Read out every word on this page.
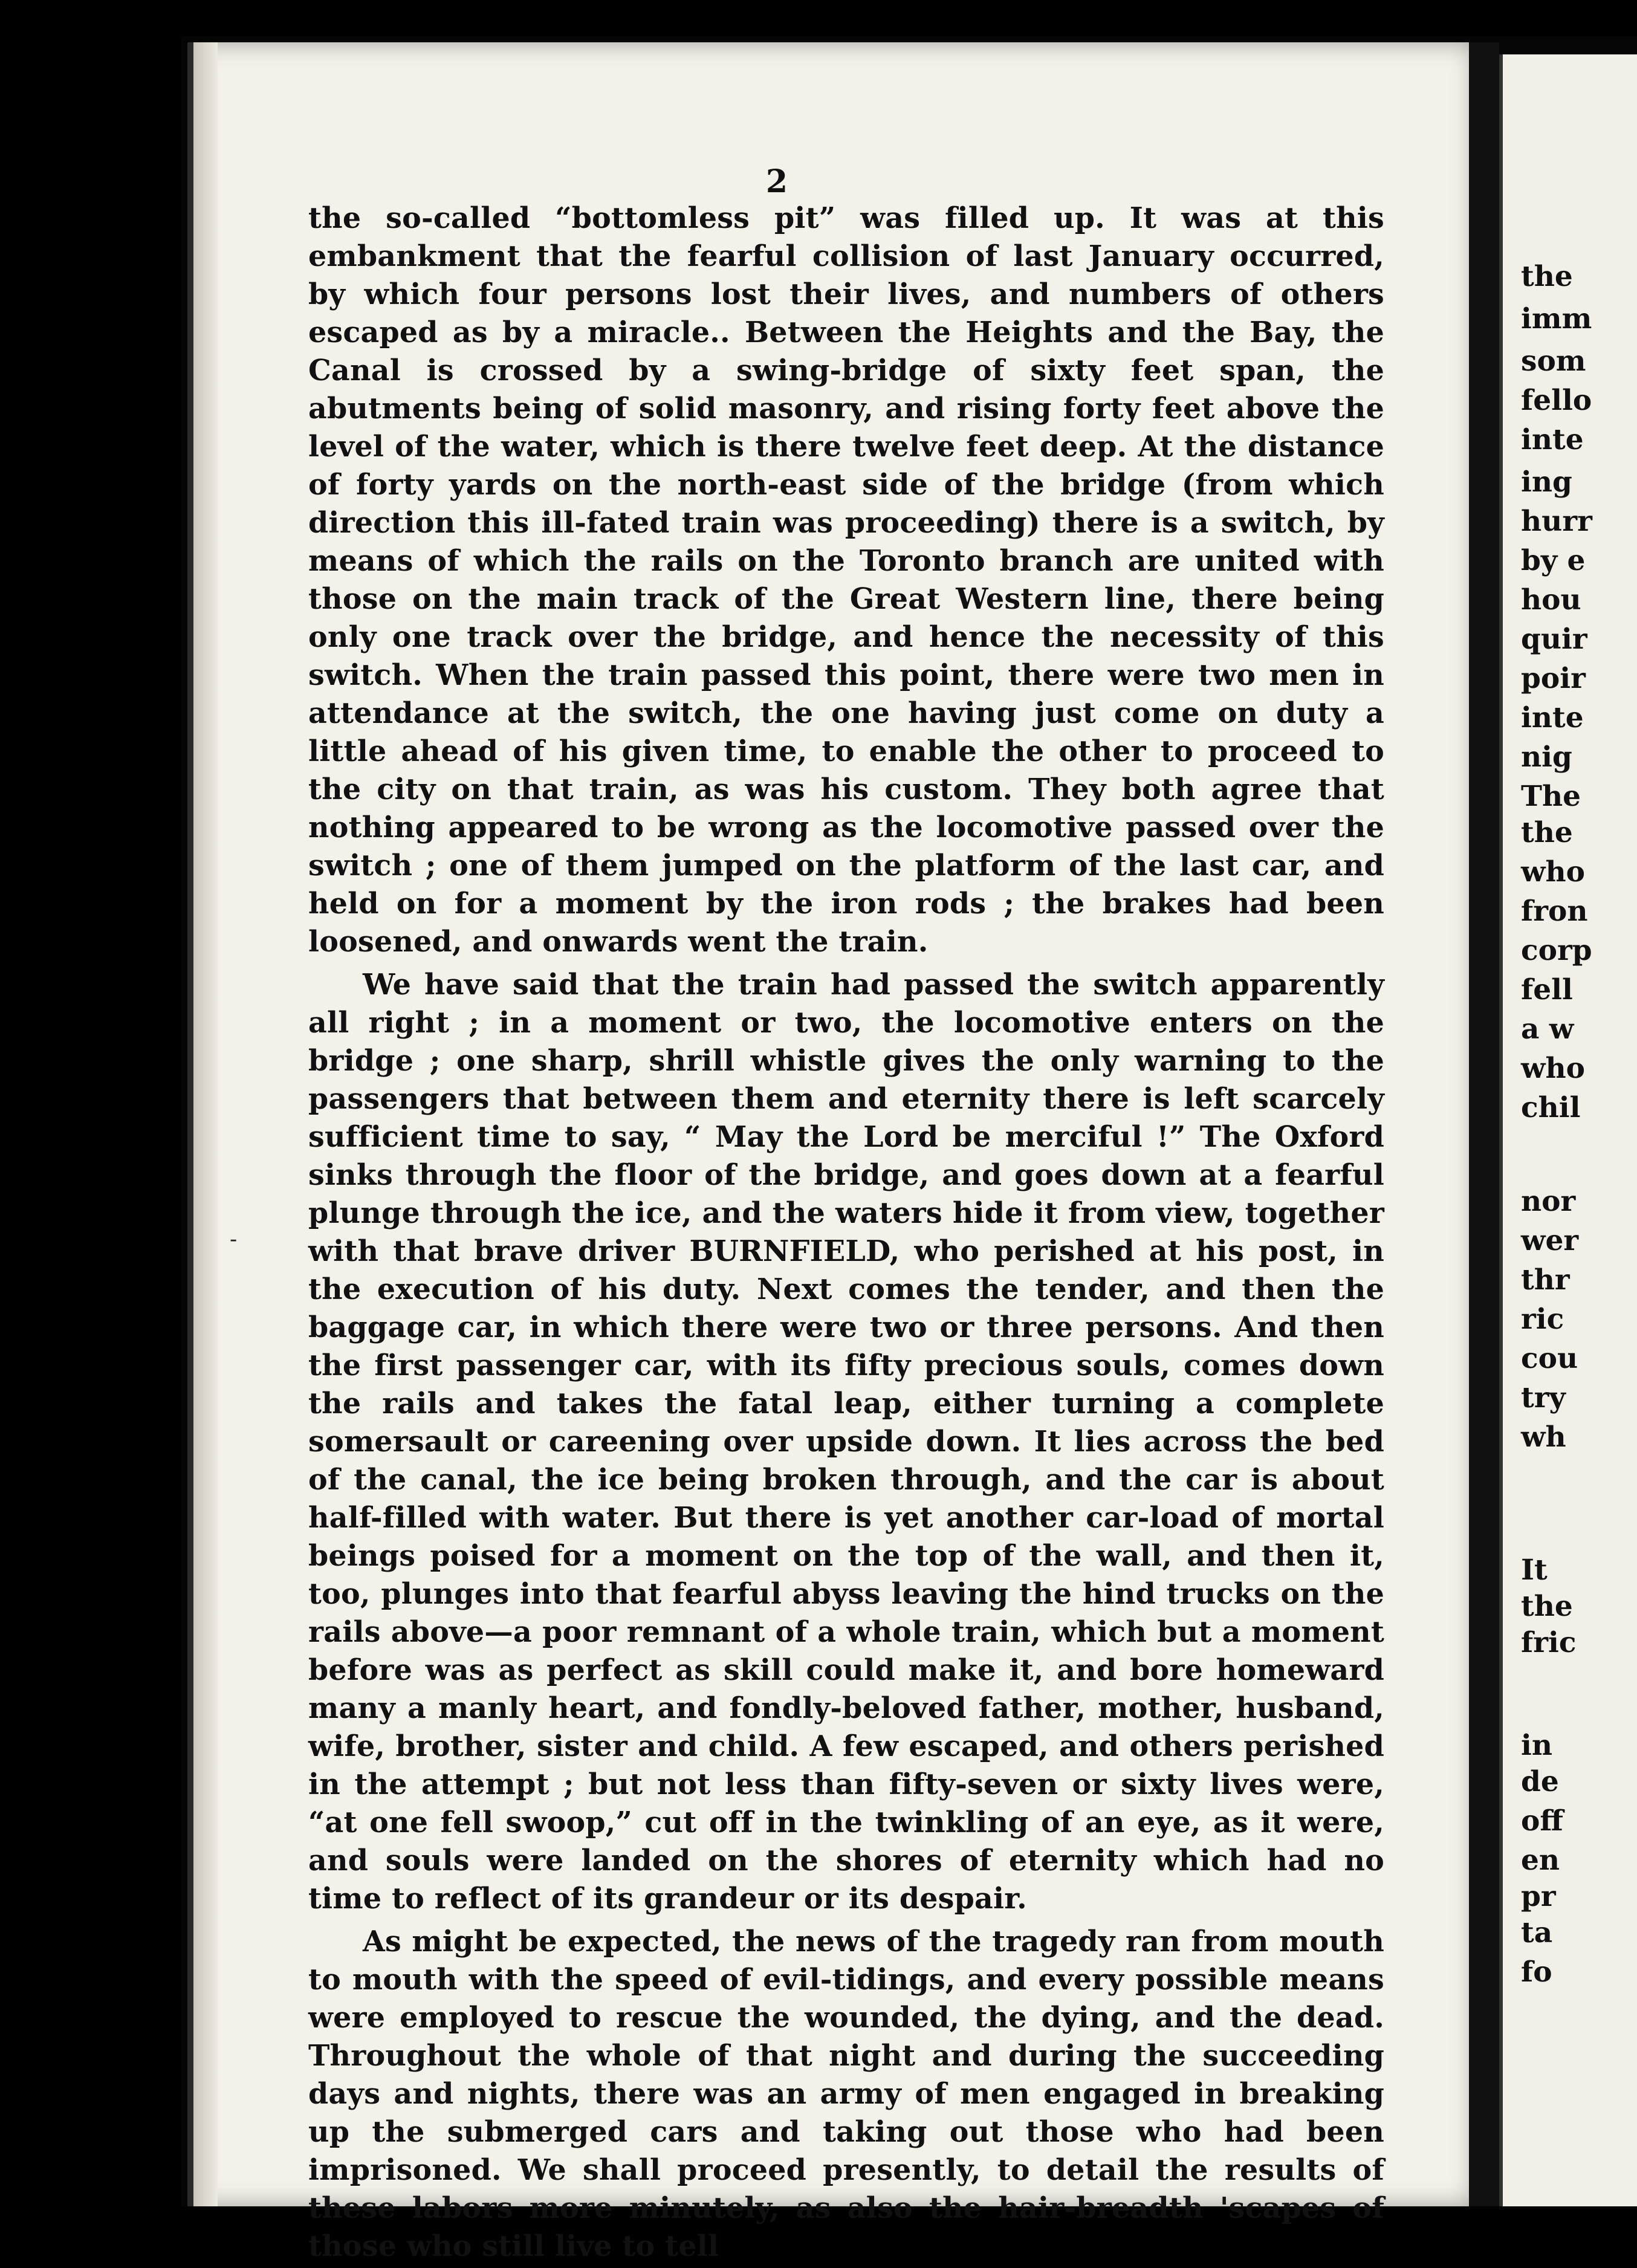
2

the so-called “bottomless pit” was filled up. It was at this embankment that the fearful collision of last January occurred, by which four persons lost their lives, and numbers of others escaped as by a miracle.. Between the Heights and the Bay, the Canal is crossed by a swing-bridge of sixty feet span, the abutments being of solid masonry, and rising forty feet above the level of the water, which is there twelve feet deep. At the distance of forty yards on the north-east side of the bridge (from which direction this ill-fated train was proceeding) there is a switch, by means of which the rails on the Toronto branch are united with those on the main track of the Great Western line, there being only one track over the bridge, and hence the necessity of this switch. When the train passed this point, there were two men in attendance at the switch, the one having just come on duty a little ahead of his given time, to enable the other to proceed to the city on that train, as was his custom. They both agree that nothing appeared to be wrong as the locomotive passed over the switch ; one of them jumped on the platform of the last car, and held on for a moment by the iron rods ; the brakes had been loosened, and onwards went the train.

We have said that the train had passed the switch apparently all right ; in a moment or two, the locomotive enters on the bridge ; one sharp, shrill whistle gives the only warning to the passengers that between them and eternity there is left scarcely sufficient time to say, “ May the Lord be merciful !” The Oxford sinks through the floor of the bridge, and goes down at a fearful plunge through the ice, and the waters hide it from view, together with that brave driver BURNFIELD, who perished at his post, in the execution of his duty. Next comes the tender, and then the baggage car, in which there were two or three persons. And then the first passenger car, with its fifty precious souls, comes down the rails and takes the fatal leap, either turning a complete somersault or careening over upside down. It lies across the bed of the canal, the ice being broken through, and the car is about half-filled with water. But there is yet another car-load of mortal beings poised for a moment on the top of the wall, and then it, too, plunges into that fearful abyss leaving the hind trucks on the rails above—a poor remnant of a whole train, which but a moment before was as perfect as skill could make it, and bore homeward many a manly heart, and fondly-beloved father, mother, husband, wife, brother, sister and child. A few escaped, and others perished in the attempt ; but not less than fifty-seven or sixty lives were, “at one fell swoop,” cut off in the twinkling of an eye, as it were, and souls were landed on the shores of eternity which had no time to reflect of its grandeur or its despair.

As might be expected, the news of the tragedy ran from mouth to mouth with the speed of evil-tidings, and every possible means were employed to rescue the wounded, the dying, and the dead. Throughout the whole of that night and during the succeeding days and nights, there was an army of men engaged in breaking up the submerged cars and taking out those who had been imprisoned. We shall proceed presently, to detail the results of these labors more minutely, as also the hair-breadth 'scapes of those who still live to tell

-
the
imm
som
fello
inte
ing
hurr
by e
hou
quir
poir
inte
nig
The
the
who
fron
corp
fell
a w
who
chil
nor
wer
thr
ric
cou
try
wh
It
the
fric
in
de
off
en
pr
ta
fo
